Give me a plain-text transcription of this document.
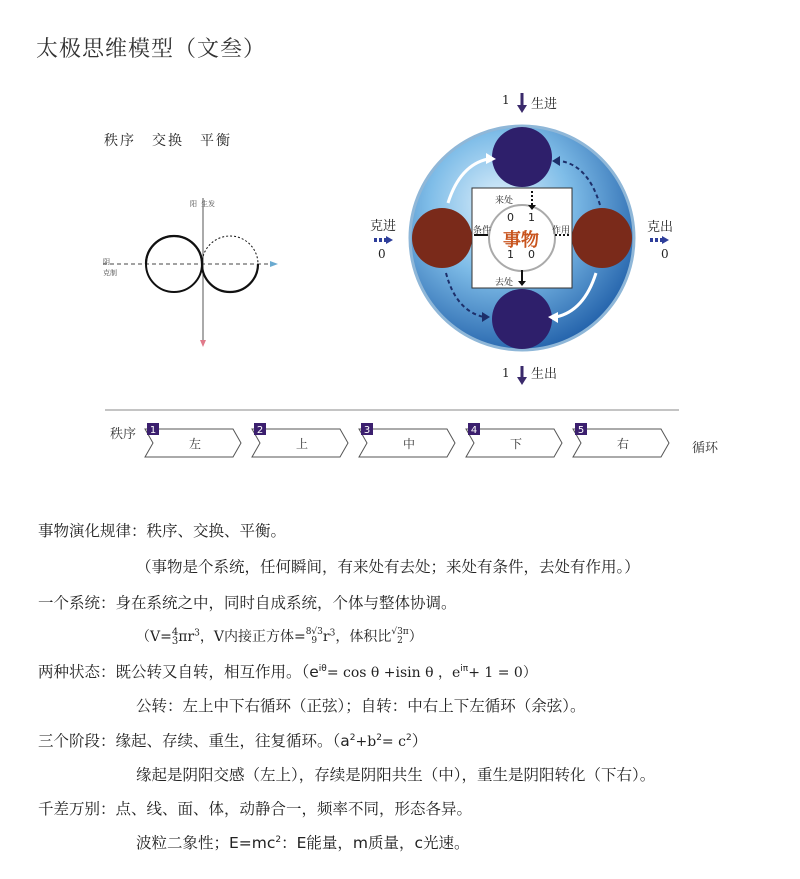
太极思维模型（文叁）
秩序　交换　平衡
阳 生发
阴
克制
1 生进
1 生出
克进
0
克出
0
来处
去处
条件	作用
事物
0 1
1 0
1
左
2
上
3
中
4
下
5
右
秩序
循环
事物演化规律：秩序、交换、平衡。
（事物是个系统，任何瞬间，有来处有去处；来处有条件，去处有作用。）
一个系统：身在系统之中，同时自成系统，个体与整体协调。
（V=4
$3\pi r^3$，V内接正方体=8√3
9 $r^3$，体积比√3π
2 ）
两种状态：既公转又自转，相互作用。（$e^{i\theta}= \cos \theta +isin$ θ ，$e^{i\pi}+ 1 = 0$）
公转：左上中下右循环（正弦）；自转：中右上下左循环（余弦）。
三个阶段：缘起、存续、重生，往复循环。$(a^2+b^2= c^2)$
缘起是阴阳交感（左上），存续是阴阳共生（中），重生是阴阳转化（下右）。
千差万别：点、线、面、体，动静合一，频率不同，形态各异。
波粒二象性；$E=mc^2$：E能量，m质量，c光速。
